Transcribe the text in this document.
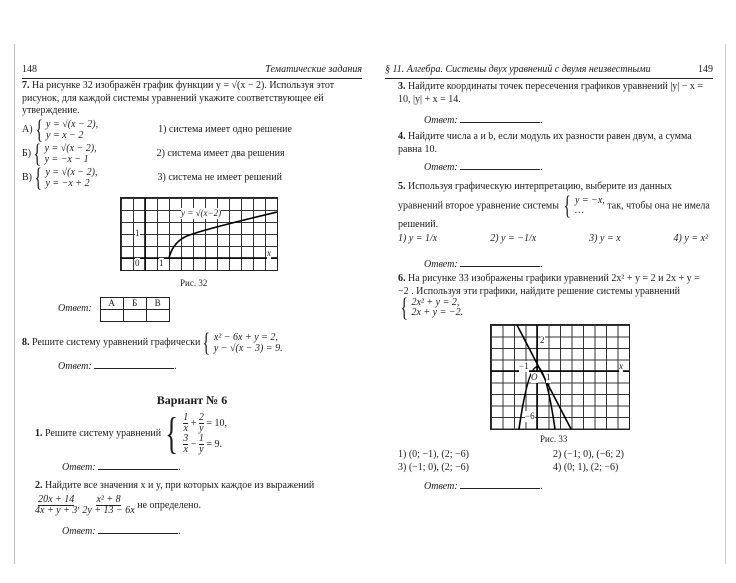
148	Тематические задания
7. На рисунке 32 изображён график функции y = √(x − 2). Используя этот рисунок, для каждой системы уравнений укажите соответствующее ей утверждение.
А) { y = √(x − 2),
y = x − 2
1) система имеет одно решение
Б) { y = √(x − 2),
y = −x − 1
2) система имеет два решения
В) { y = √(x − 2),
y = −x + 2
3) система не имеет решений
y = √(x−2)
1
0 1
x
Рис. 32
Ответ:
А	Б	В

8.
Решите систему уравнений графически { x² − 6x + y = 2,
y − √(x − 3) = 9.
Ответ:	.
Вариант № 6
1.
Решите систему уравнений { $\frac{1}{x} + \frac{2}{y} = 10$,
$\frac{3}{x} - \frac{1}{y} = 9$.
Ответ:	.
2. Найдите все значения x и y, при которых каждое из выражений
$\frac{20x + 14}{4x + y + 3}$ , $\frac{\text{x² + 8}}{2y + 13 - 6x}$ не определено.
Ответ:	.
§ 11. Алгебра. Системы двух уравнений с двумя неизвестными	149
3. Найдите координаты точек пересечения графиков уравнений |y| − x = 10, |y| + x = 14.
Ответ:	.
4. Найдите числа a и b, если модуль их разности равен двум, а сумма равна 10.
Ответ:	.
5. Используя графическую интерпретацию, выберите из данных уравнений второе уравнение системы { y = −x,
…	так, чтобы она не имела решений.
1) y = 1/x	2) y = −1/x	3) y = x	4) y = x²
Ответ:	.
6. На рисунке 33 изображены графики уравнений 2x² + y = 2 и 2x + y = −2 . Используя эти графики, найдите решение системы уравнений
{ 2x² + y = 2,
2x + y = −2.
2
−1
O 1
−6
x
Рис. 33
1) (0; −1), (2; −6)	2) (−1; 0), (−6; 2)
3) (−1; 0), (2; −6)	4) (0; 1), (2; −6)
Ответ:	.
